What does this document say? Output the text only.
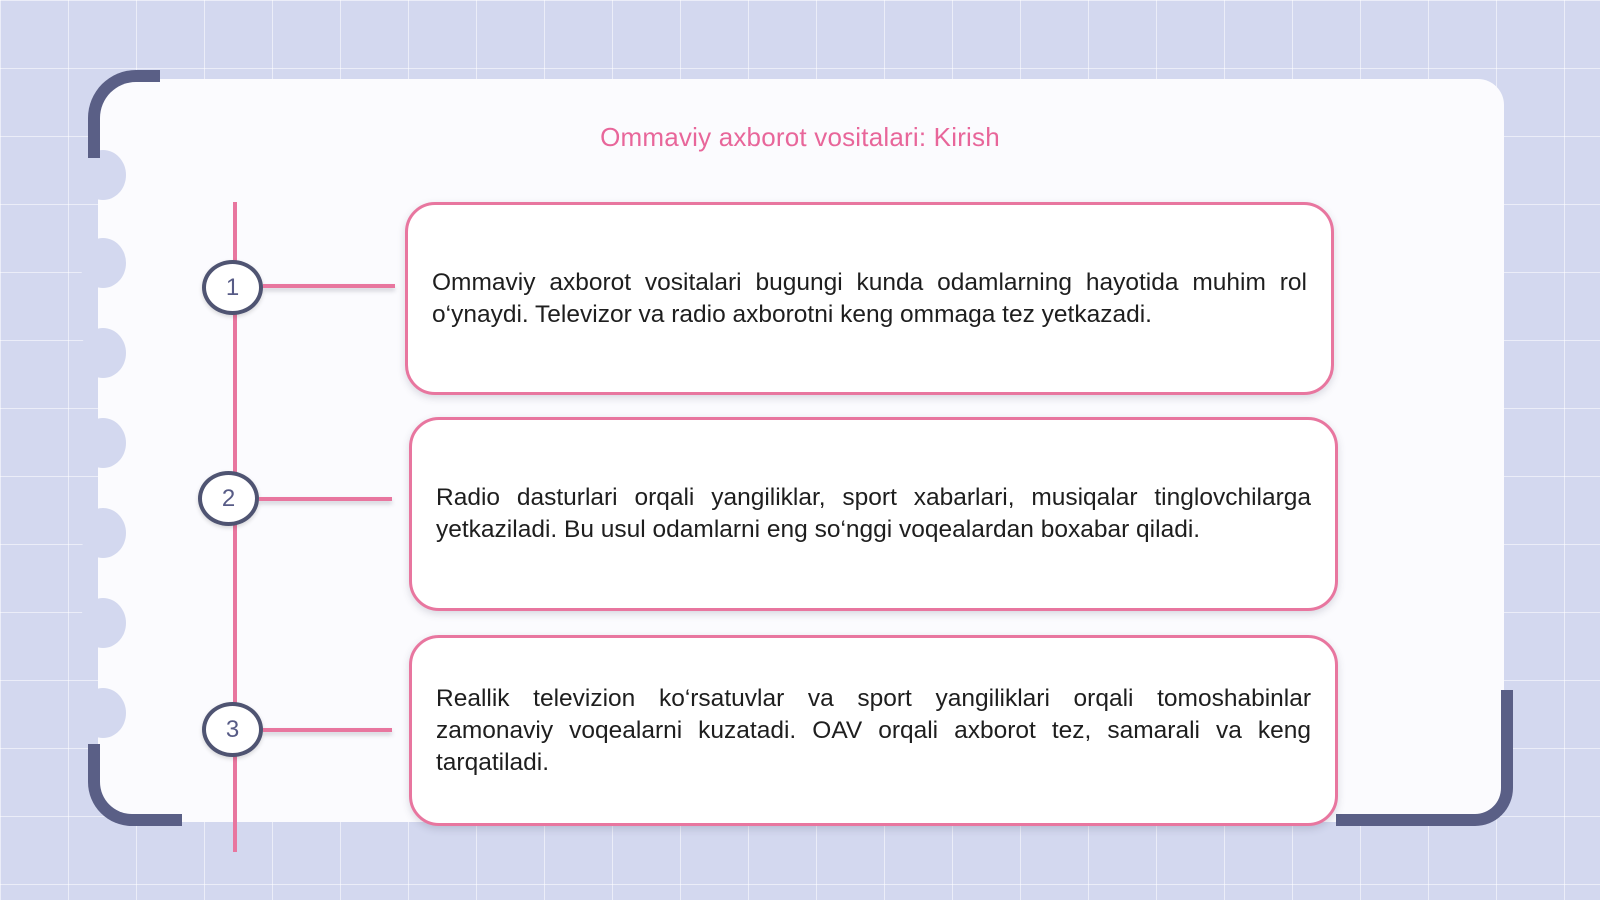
Ommaviy axborot vositalari: Kirish
1	Ommaviy axborot vositalari bugungi kunda odamlarning hayotida muhim rol o‘ynaydi. Televizor va radio axborotni keng ommaga tez yetkazadi.

2	Radio dasturlari orqali yangiliklar, sport xabarlari, musiqalar tinglovchilarga yetkaziladi. Bu usul odamlarni eng so‘nggi voqealardan boxabar qiladi.

3

Reallik televizion ko‘rsatuvlar va sport yangiliklari orqali tomoshabinlar zamonaviy voqealarni kuzatadi. OAV orqali axborot tez, samarali va keng tarqatiladi.
